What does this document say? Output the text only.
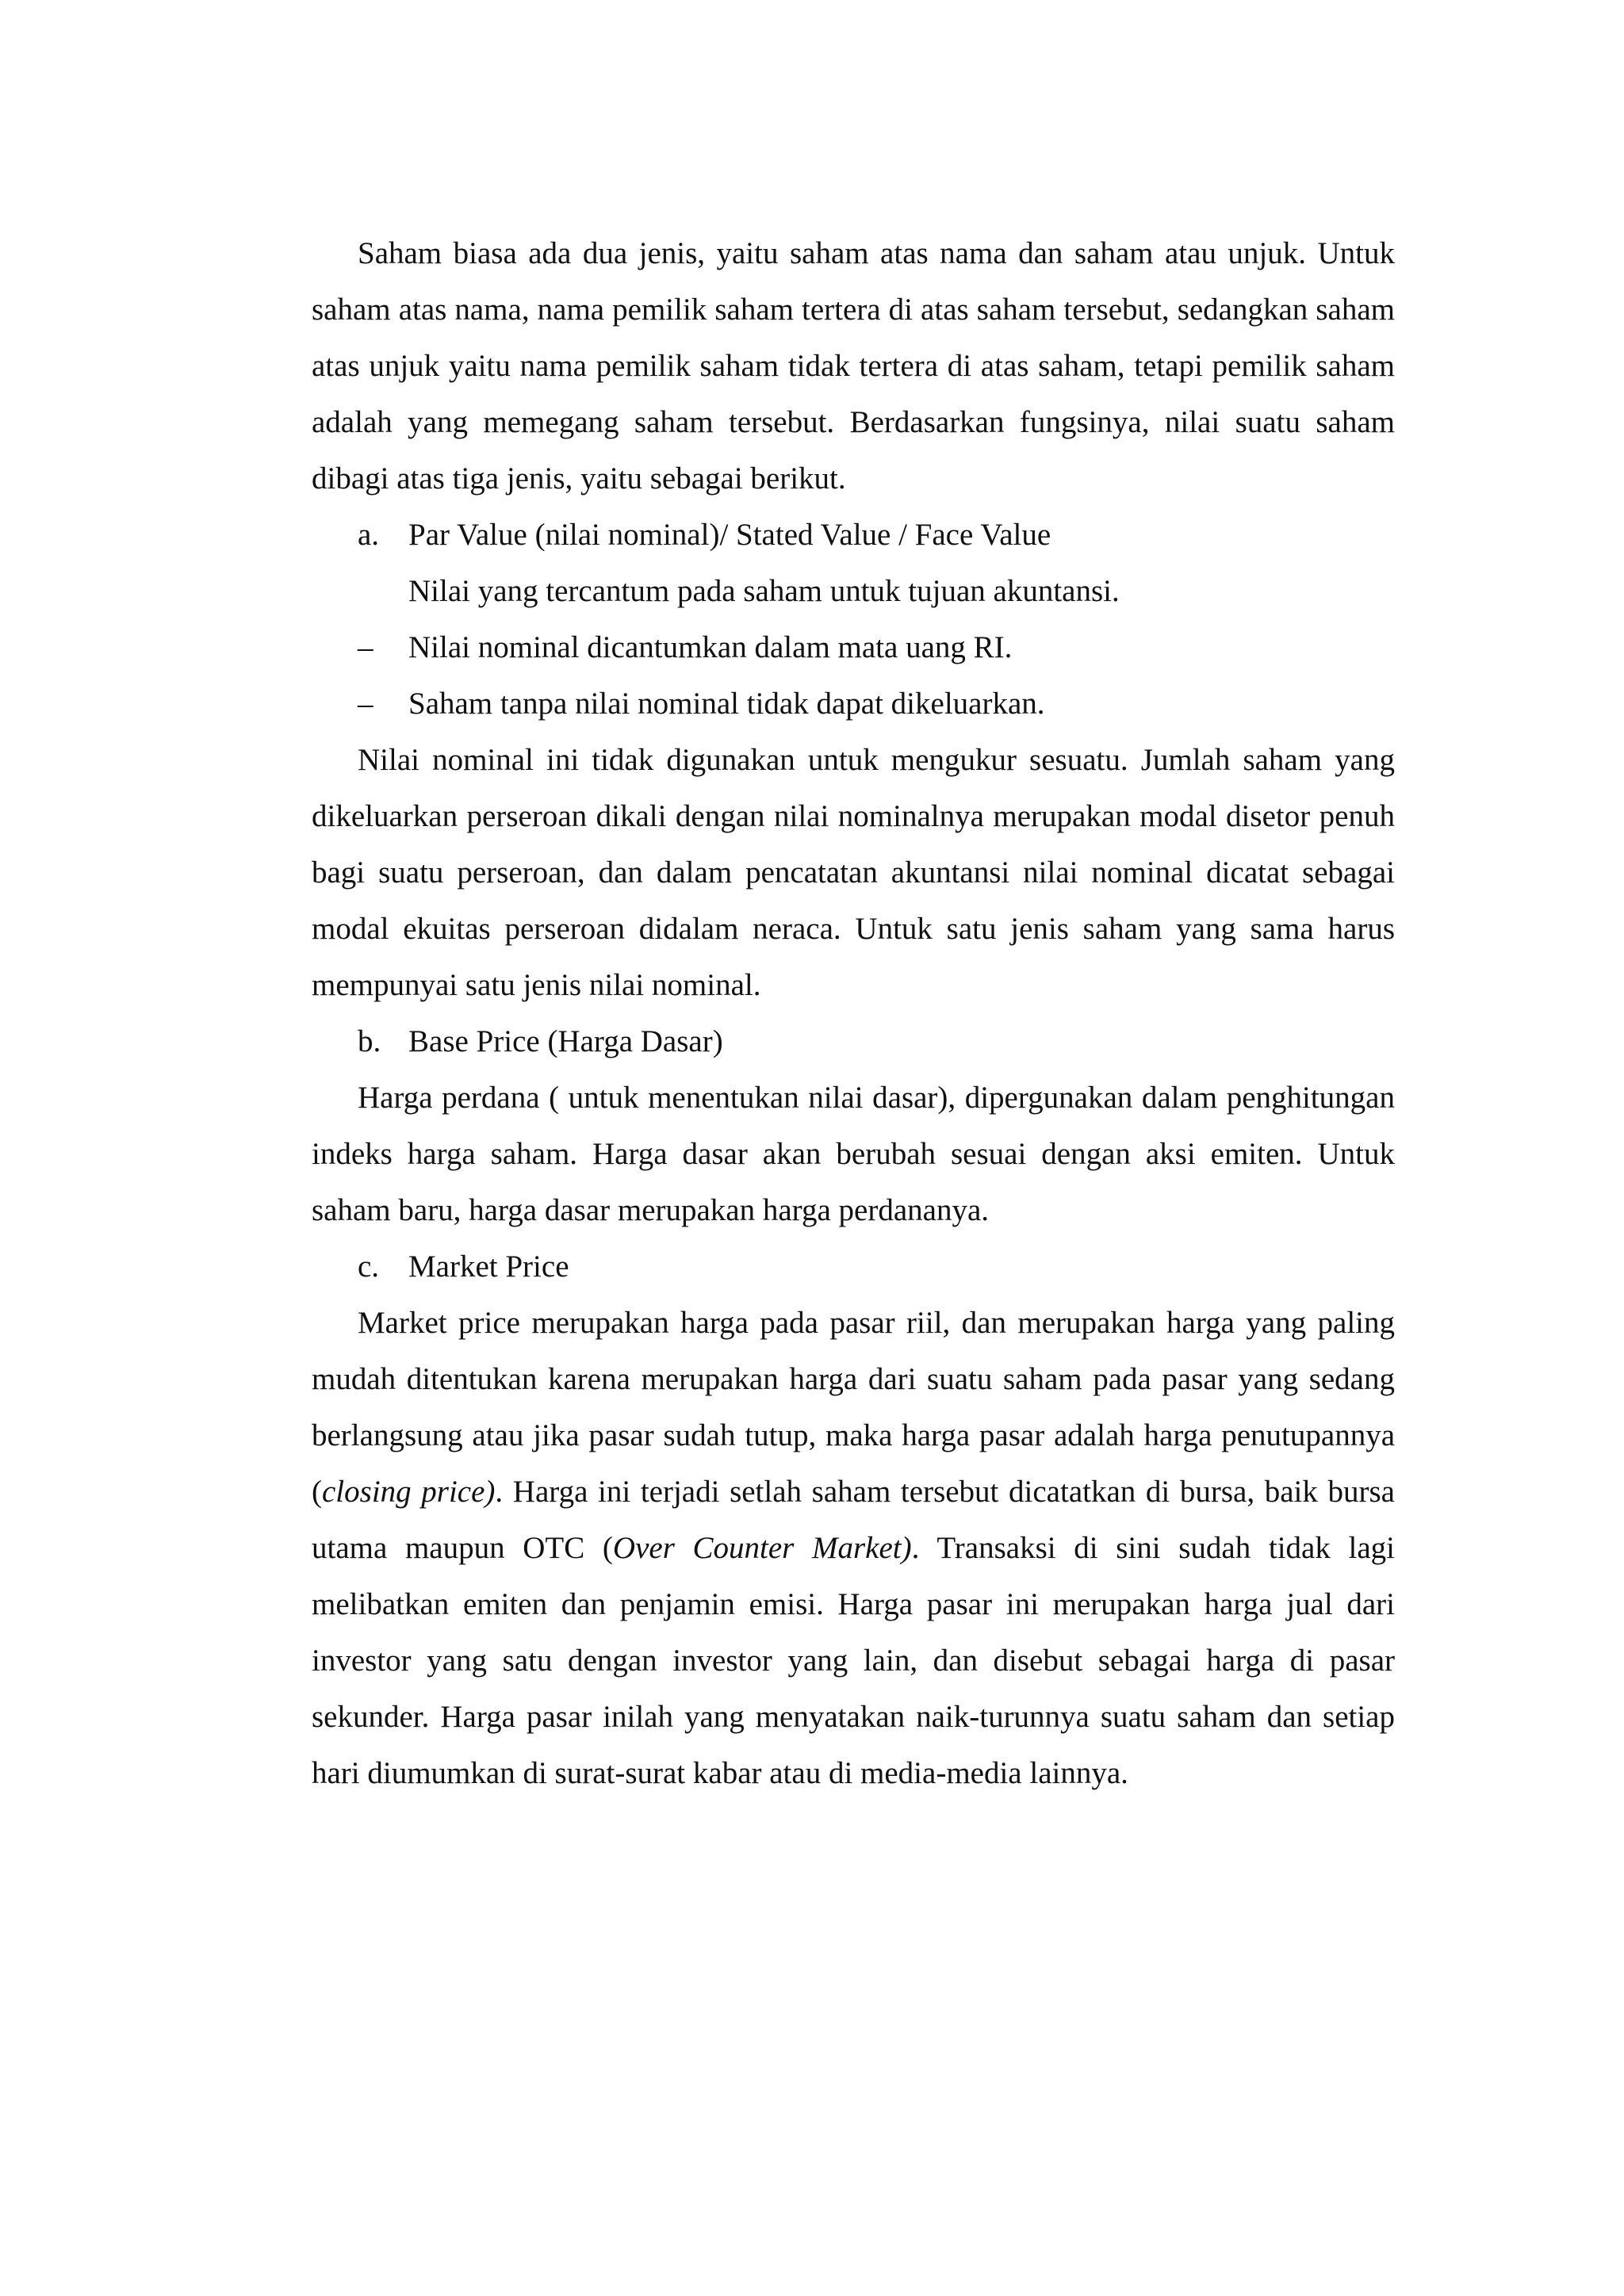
Saham biasa ada dua jenis, yaitu saham atas nama dan saham atau unjuk. Untuk saham atas nama, nama pemilik saham tertera di atas saham tersebut, sedangkan saham atas unjuk yaitu nama pemilik saham tidak tertera di atas saham, tetapi pemilik saham adalah yang memegang saham tersebut. Berdasarkan fungsinya, nilai suatu saham dibagi atas tiga jenis, yaitu sebagai berikut.

a. Par Value (nilai nominal)/ Stated Value / Face Value

Nilai yang tercantum pada saham untuk tujuan akuntansi.

– Nilai nominal dicantumkan dalam mata uang RI.

– Saham tanpa nilai nominal tidak dapat dikeluarkan.

Nilai nominal ini tidak digunakan untuk mengukur sesuatu. Jumlah saham yang dikeluarkan perseroan dikali dengan nilai nominalnya merupakan modal disetor penuh bagi suatu perseroan, dan dalam pencatatan akuntansi nilai nominal dicatat sebagai modal ekuitas perseroan didalam neraca. Untuk satu jenis saham yang sama harus mempunyai satu jenis nilai nominal.

b. Base Price (Harga Dasar)

Harga perdana ( untuk menentukan nilai dasar), dipergunakan dalam penghitungan indeks harga saham. Harga dasar akan berubah sesuai dengan aksi emiten. Untuk saham baru, harga dasar merupakan harga perdananya.

c. Market Price

Market price merupakan harga pada pasar riil, dan merupakan harga yang paling mudah ditentukan karena merupakan harga dari suatu saham pada pasar yang sedang berlangsung atau jika pasar sudah tutup, maka harga pasar adalah harga penutupannya (closing price). Harga ini terjadi setlah saham tersebut dicatatkan di bursa, baik bursa utama maupun OTC (Over Counter Market). Transaksi di sini sudah tidak lagi melibatkan emiten dan penjamin emisi. Harga pasar ini merupakan harga jual dari investor yang satu dengan investor yang lain, dan disebut sebagai harga di pasar sekunder. Harga pasar inilah yang menyatakan naik-turunnya suatu saham dan setiap hari diumumkan di surat-surat kabar atau di media-media lainnya.
